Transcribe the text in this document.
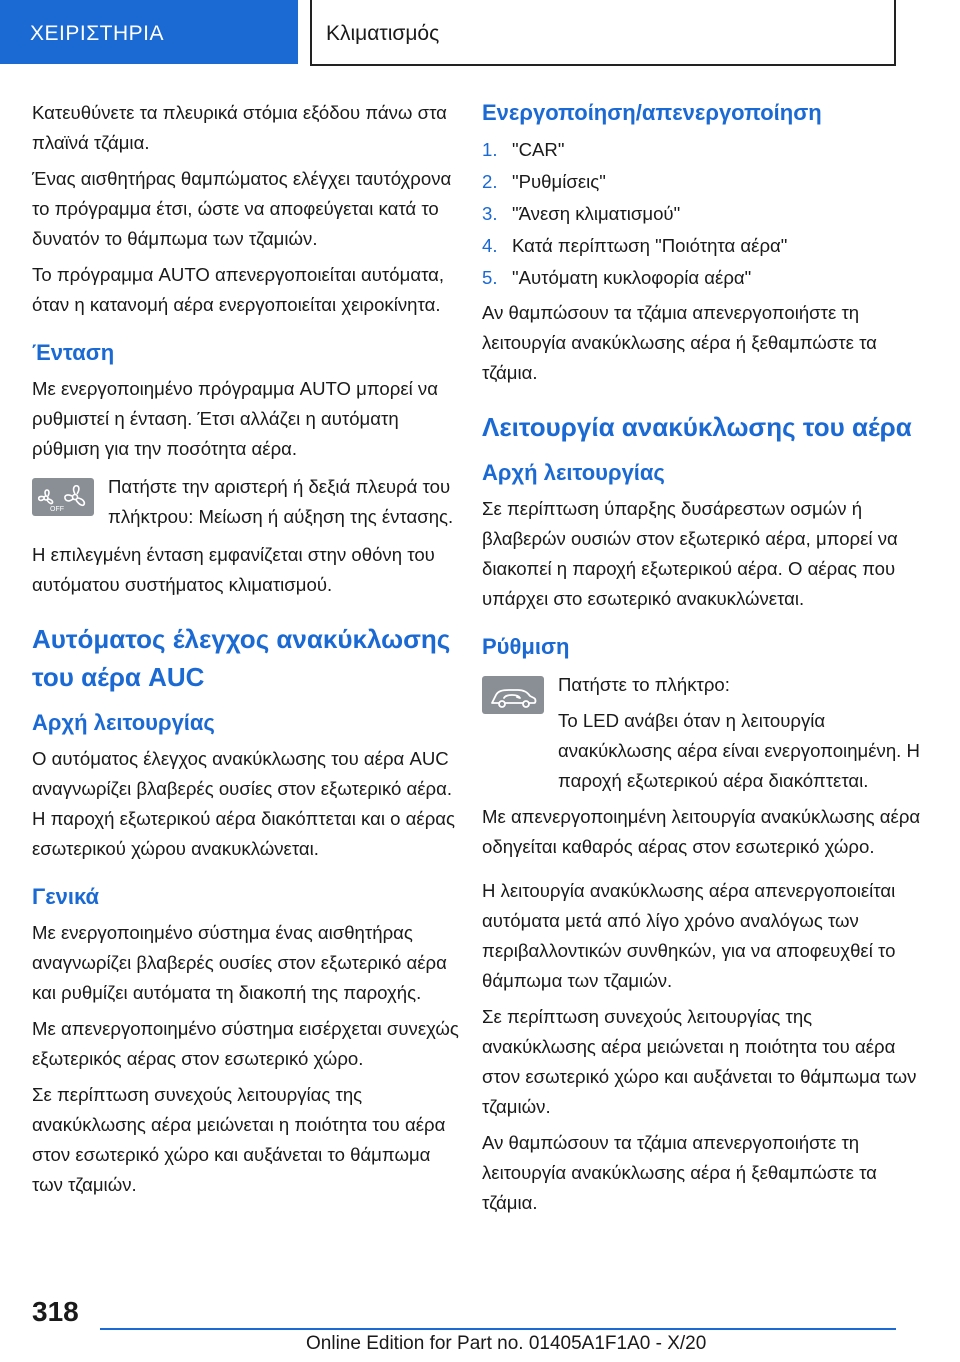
ΧΕΙΡΙΣΤΗΡΙΑ	Κλιματισμός

Κατευθύνετε τα πλευρικά στόμια εξόδου πάνω στα πλαϊνά τζάμια.

Ένας αισθητήρας θαμπώματος ελέγχει ταυτόχρονα το πρόγραμμα έτσι, ώστε να αποφεύγεται κατά το δυνατόν το θάμπωμα των τζαμιών.

Το πρόγραμμα AUTO απενεργοποιείται αυτόματα, όταν η κατανομή αέρα ενεργοποιείται χειροκίνητα.

Ένταση

Με ενεργοποιημένο πρόγραμμα AUTO μπορεί να ρυθμιστεί η ένταση. Έτσι αλλάζει η αυτόματη ρύθμιση για την ποσότητα αέρα.

OFF

Πατήστε την αριστερή ή δεξιά πλευρά του πλήκτρου: Μείωση ή αύξηση της έντασης.

Η επιλεγμένη ένταση εμφανίζεται στην οθόνη του αυτόματου συστήματος κλιματισμού.

Αυτόματος έλεγχος ανακύκλωσης του αέρα AUC
Αρχή λειτουργίας

Ο αυτόματος έλεγχος ανακύκλωσης του αέρα AUC αναγνωρίζει βλαβερές ουσίες στον εξωτερικό αέρα. Η παροχή εξωτερικού αέρα διακόπτεται και ο αέρας εσωτερικού χώρου ανακυκλώνεται.

Γενικά

Με ενεργοποιημένο σύστημα ένας αισθητήρας αναγνωρίζει βλαβερές ουσίες στον εξωτερικό αέρα και ρυθμίζει αυτόματα τη διακοπή της παροχής.

Με απενεργοποιημένο σύστημα εισέρχεται συνεχώς εξωτερικός αέρας στον εσωτερικό χώρο.

Σε περίπτωση συνεχούς λειτουργίας της ανακύκλωσης αέρα μειώνεται η ποιότητα του αέρα στον εσωτερικό χώρο και αυξάνεται το θάμπωμα των τζαμιών.

Ενεργοποίηση/απενεργοποίηση
1. "CAR"
2. "Ρυθμίσεις"
3. "Άνεση κλιματισμού"
4. Κατά περίπτωση "Ποιότητα αέρα"
5. "Αυτόματη κυκλοφορία αέρα"

Αν θαμπώσουν τα τζάμια απενεργοποιήστε τη λειτουργία ανακύκλωσης αέρα ή ξεθαμπώστε τα τζάμια.

Λειτουργία ανακύκλωσης του αέρα
Αρχή λειτουργίας

Σε περίπτωση ύπαρξης δυσάρεστων οσμών ή βλαβερών ουσιών στον εξωτερικό αέρα, μπορεί να διακοπεί η παροχή εξωτερικού αέρα. Ο αέρας που υπάρχει στο εσωτερικό ανακυκλώνεται.

Ρύθμιση

Πατήστε το πλήκτρο:

Το LED ανάβει όταν η λειτουργία ανακύκλωσης αέρα είναι ενεργοποιημένη. Η παροχή εξωτερικού αέρα διακόπτεται.

Με απενεργοποιημένη λειτουργία ανακύκλωσης αέρα οδηγείται καθαρός αέρας στον εσωτερικό χώρο.

Η λειτουργία ανακύκλωσης αέρα απενεργοποιείται αυτόματα μετά από λίγο χρόνο αναλόγως των περιβαλλοντικών συνθηκών, για να αποφευχθεί το θάμπωμα των τζαμιών.

Σε περίπτωση συνεχούς λειτουργίας της ανακύκλωσης αέρα μειώνεται η ποιότητα του αέρα στον εσωτερικό χώρο και αυξάνεται το θάμπωμα των τζαμιών.

Αν θαμπώσουν τα τζάμια απενεργοποιήστε τη λειτουργία ανακύκλωσης αέρα ή ξεθαμπώστε τα τζάμια.

318
Online Edition for Part no. 01405A1F1A0 - X/20
